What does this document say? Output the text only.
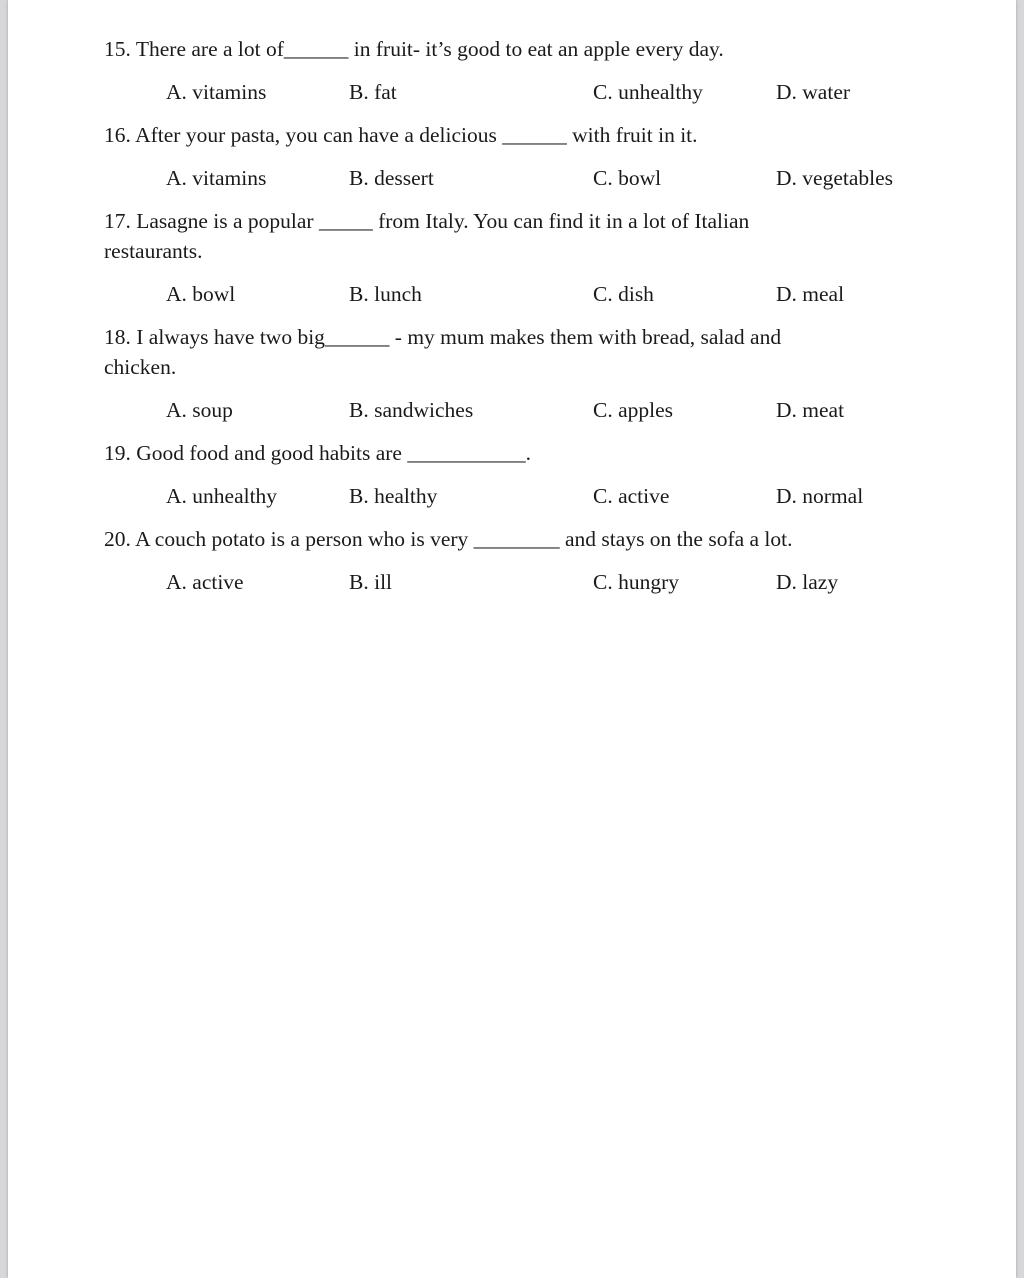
15. There are a lot of______ in fruit- it’s good to eat an apple every day.
A. vitamins	B. fat	C. unhealthy	D. water
16. After your pasta, you can have a delicious ______ with fruit in it.
A. vitamins	B. dessert	C. bowl	D. vegetables
17. Lasagne is a popular _____ from Italy. You can find it in a lot of Italian
restaurants.
A. bowl	B. lunch	C. dish	D. meal
18. I always have two big______ - my mum makes them with bread, salad and
chicken.
A. soup	B. sandwiches	C. apples	D. meat
19. Good food and good habits are ___________.
A. unhealthy	B. healthy	C. active	D. normal
20. A couch potato is a person who is very ________ and stays on the sofa a lot.
A. active	B. ill	C. hungry	D. lazy
